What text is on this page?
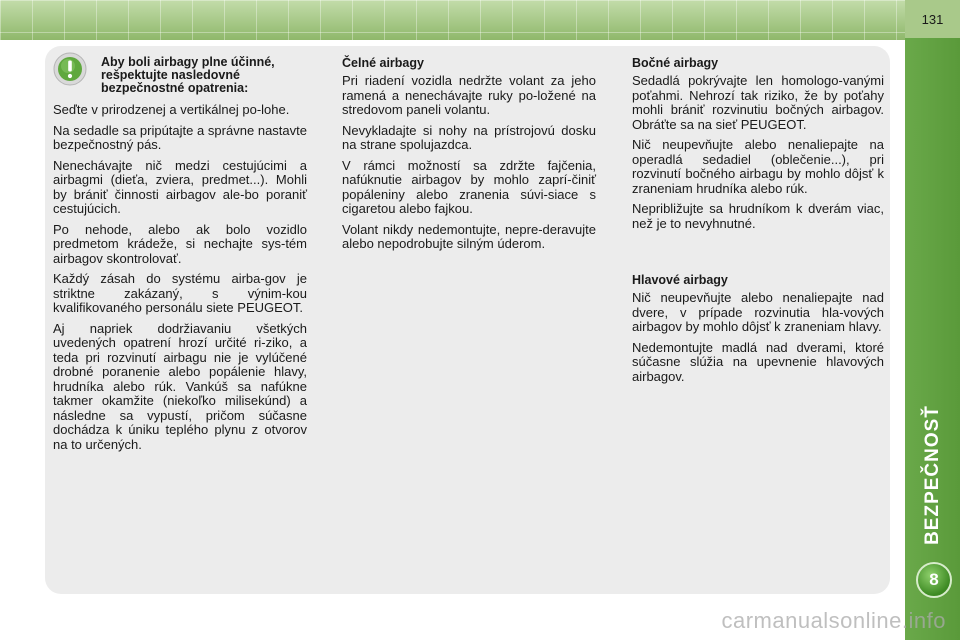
131
BEZPEČNOSŤ
8
Aby boli airbagy plne účinné, rešpektujte nasledovné bezpečnostné opatrenia:

Seďte v prirodzenej a vertikálnej po-lohe.

Na sedadle sa pripútajte a správne nastavte bezpečnostný pás.

Nenechávajte nič medzi cestujúcimi a airbagmi (dieťa, zviera, predmet...). Mohli by brániť činnosti airbagov ale-bo poraniť cestujúcich.

Po nehode, alebo ak bolo vozidlo predmetom krádeže, si nechajte sys-tém airbagov skontrolovať.

Každý zásah do systému airba-gov je striktne zakázaný, s výnim-kou kvalifikovaného personálu siete PEUGEOT.

Aj napriek dodržiavaniu všetkých uvedených opatrení hrozí určité ri-ziko, a teda pri rozvinutí airbagu nie je vylúčené drobné poranenie alebo popálenie hlavy, hrudníka alebo rúk. Vankúš sa nafúkne takmer okamžite (niekoľko milisekúnd) a následne sa vypustí, pričom súčasne dochádza k úniku teplého plynu z otvorov na to určených.

Čelné airbagy

Pri riadení vozidla nedržte volant za jeho ramená a nenechávajte ruky po-ložené na stredovom paneli volantu.

Nevykladajte si nohy na prístrojovú dosku na strane spolujazdca.

V rámci možností sa zdržte fajčenia, nafúknutie airbagov by mohlo zaprí-činiť popáleniny alebo zranenia súvi-siace s cigaretou alebo fajkou.

Volant nikdy nedemontujte, nepre-deravujte alebo nepodrobujte silným úderom.

Bočné airbagy

Sedadlá pokrývajte len homologo-vanými poťahmi. Nehrozí tak riziko, že by poťahy mohli brániť rozvinutiu bočných airbagov. Obráťte sa na sieť PEUGEOT.

Nič neupevňujte alebo nenaliepajte na operadlá sedadiel (oblečenie...), pri rozvinutí bočného airbagu by mohlo dôjsť k zraneniam hrudníka alebo rúk.

Nepribližujte sa hrudníkom k dverám viac, než je to nevyhnutné.

Hlavové airbagy

Nič neupevňujte alebo nenaliepajte nad dvere, v prípade rozvinutia hla-vových airbagov by mohlo dôjsť k zraneniam hlavy.

Nedemontujte madlá nad dverami, ktoré súčasne slúžia na upevnenie hlavových airbagov.

carmanualsonline.info
